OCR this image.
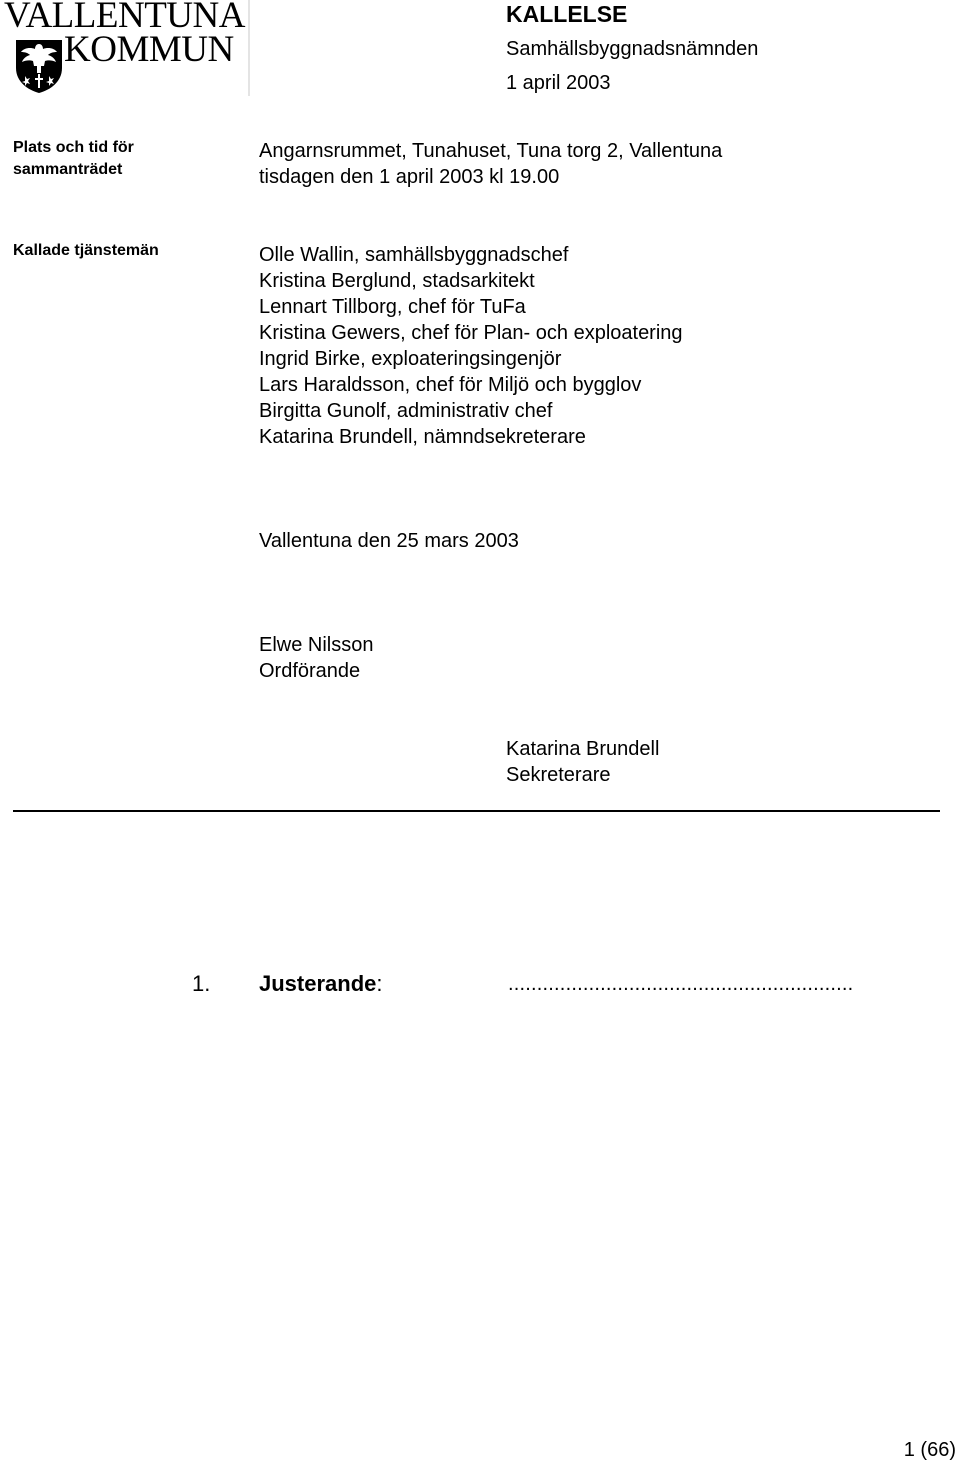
VALLENTUNA
KOMMUN
KALLELSE
Samhällsbyggnadsnämnden
1 april 2003
Plats och tid för
sammanträdet
Angarnsrummet, Tunahuset, Tuna torg 2, Vallentuna
tisdagen den 1 april 2003 kl 19.00
Kallade tjänstemän	Olle Wallin, samhällsbyggnadschef
Kristina Berglund, stadsarkitekt
Lennart Tillborg, chef för TuFa
Kristina Gewers, chef för Plan- och exploatering
Ingrid Birke, exploateringsingenjör
Lars Haraldsson, chef för Miljö och bygglov
Birgitta Gunolf, administrativ chef
Katarina Brundell, nämndsekreterare
Vallentuna den 25 mars 2003
Elwe Nilsson
Ordförande
Katarina Brundell
Sekreterare
1. Justerande:	............................................................
1 (66)
